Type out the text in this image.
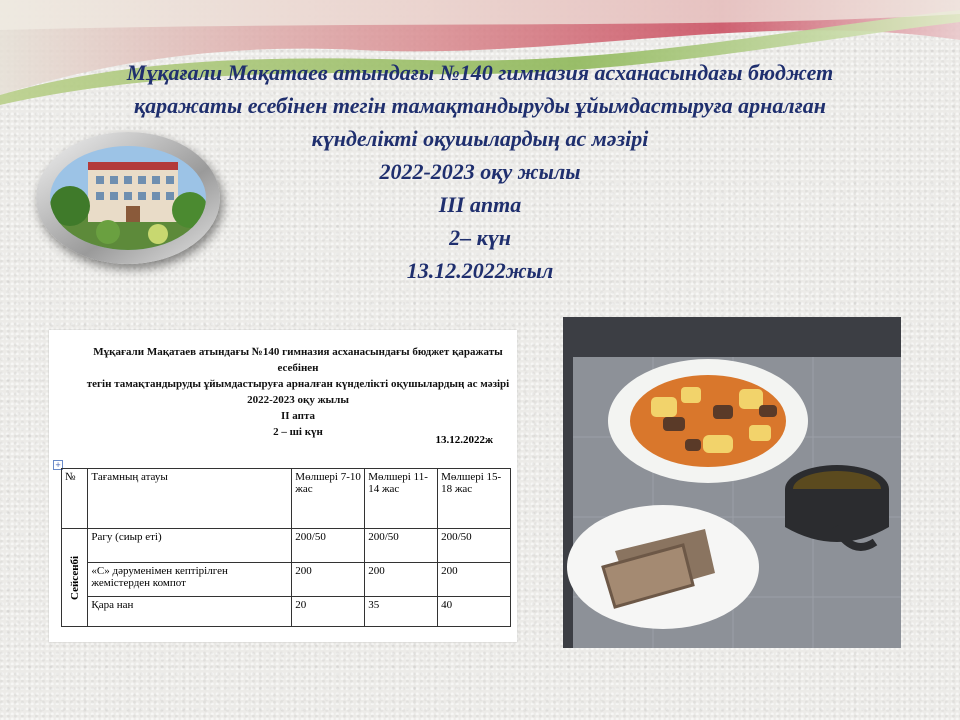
Мұқағали Мақатаев атындағы №140 гимназия асханасындағы бюджет
қаражаты есебінен тегін тамақтандыруды ұйымдастыруға арналған
күнделікті оқушылардың ас мәзірі
2022-2023 оқу жылы
ІІІ апта
2– күн
13.12.2022жыл
Мұқағали Мақатаев атындағы №140 гимназия асханасындағы бюджет қаражаты есебінен
тегін тамақтандыруды ұйымдастыруға арналған күнделікті оқушылардың ас мәзірі
2022-2023 оқу жылы
ІІ апта
2 – ші күн
13.12.2022ж
+
№	Тағамның атауы	Мөлшері 7-10 жас	Мөлшері 11-14 жас	Мөлшері 15-18 жас
Сейсенбі	Рагу (сиыр еті)	200/50	200/50	200/50
	«С» дәруменімен кептірілген жемістерден компот	200	200	200
	Қара нан	20	35	40
